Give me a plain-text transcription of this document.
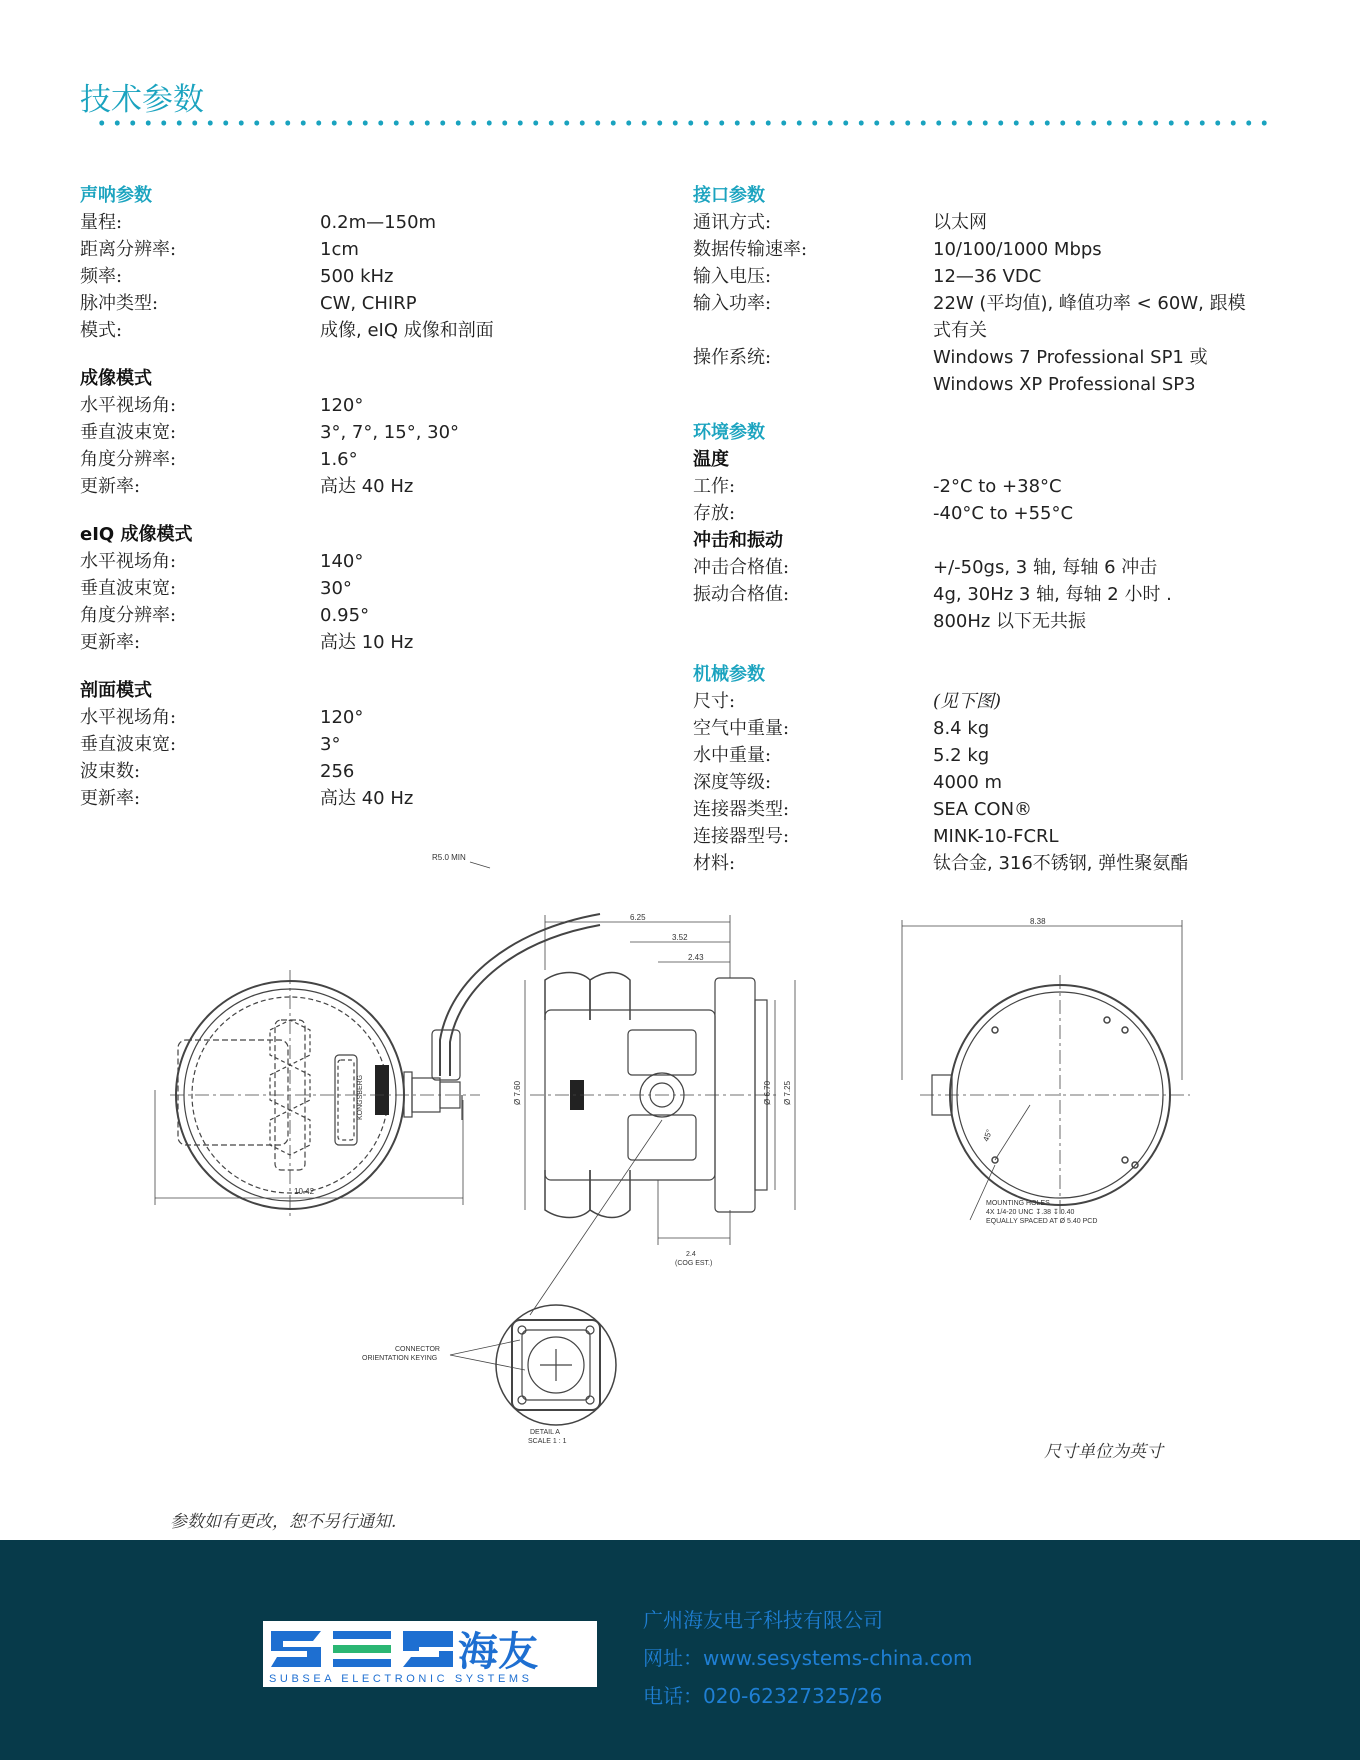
技术参数
声呐参数
量程:	0.2m—150m
距离分辨率:	1cm
频率:	500 kHz
脉冲类型:	CW, CHIRP
模式:	成像, eIQ 成像和剖面
成像模式
水平视场角:	120°
垂直波束宽:	3°, 7°, 15°, 30°
角度分辨率:	1.6°
更新率:	高达 40 Hz
eIQ 成像模式
水平视场角:	140°
垂直波束宽:	30°
角度分辨率:	0.95°
更新率:	高达 10 Hz
剖面模式
水平视场角:	120°
垂直波束宽:	3°
波束数:	256
更新率:	高达 40 Hz
接口参数
通讯方式:	以太网
数据传输速率:	10/100/1000 Mbps
输入电压:	12—36 VDC
输入功率:	22W (平均值), 峰值功率 < 60W, 跟模式有关
操作系统:	Windows 7 Professional SP1 或 Windows XP Professional SP3
环境参数
温度
工作:	-2°C to +38°C
存放:	-40°C to +55°C
冲击和振动
冲击合格值:	+/-50gs, 3 轴, 每轴 6 冲击
振动合格值:	4g, 30Hz 3 轴, 每轴 2 小时 . 800Hz 以下无共振
机械参数
尺寸:	(见下图)
空气中重量:	8.4 kg
水中重量:	5.2 kg
深度等级:	4000 m
连接器类型:	SEA CON®
连接器型号:	MINK-10-FCRL
材料:	钛合金, 316不锈钢, 弹性聚氨酯
KONGSBERG
10.42
R5.0 MIN
6.25
3.52
2.43
Ø 7.60	Ø 6.70 Ø 7.25
2.4
(COG EST.)
8.38
45°
MOUNTING HOLES
4X 1/4-20 UNC ↧.38 ↧ 0.40
EQUALLY SPACED AT Ø 5.40 PCD
CONNECTOR
ORIENTATION KEYING
DETAIL A
SCALE 1 : 1
尺寸单位为英寸
参数如有更改，恕不另行通知.
海友
SUBSEA ELECTRONIC SYSTEMS
SES	广州海友电子科技有限公司
网址：www.sesystems-china.com
电话：020-62327325/26
